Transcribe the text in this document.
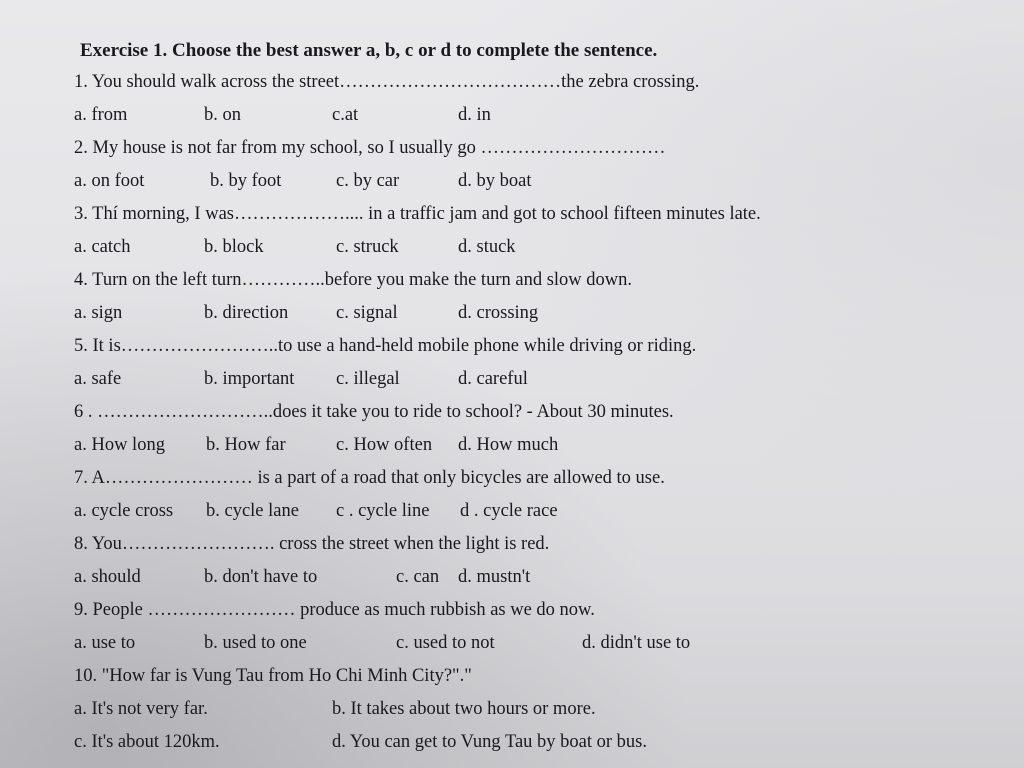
Exercise 1. Choose the best answer a, b, c or d to complete the sentence.
1. You should walk across the street………………………………the zebra crossing.
a. from	b. on	c.at	d. in
2. My house is not far from my school, so I usually go …………………………
a. on foot	b. by foot	c. by car	d. by boat
3. Thí morning, I was……………….... in a traffic jam and got to school fifteen minutes late.
a. catch	b. block	c. struck	d. stuck
4. Turn on the left turn…………..before you make the turn and slow down.
a. sign	b. direction	c. signal	d. crossing
5. It is……………………..to use a hand-held mobile phone while driving or riding.
a. safe	b. important c. illegal	d. careful
6 . ………………………..does it take you to ride to school? - About 30 minutes.
a. How long b. How far	c. How often d. How much
7. A…………………… is a part of a road that only bicycles are allowed to use.
a. cycle cross b. cycle lane c . cycle line d . cycle race
8. You……………………. cross the street when the light is red.
a. should	b. don't have to	c. can d. mustn't
9. People …………………… produce as much rubbish as we do now.
a. use to	b. used to one	c. used to not	d. didn't use to
10. "How far is Vung Tau from Ho Chi Minh City?"."
a. It's not very far.	b. It takes about two hours or more.
c. It's about 120km.	d. You can get to Vung Tau by boat or bus.
